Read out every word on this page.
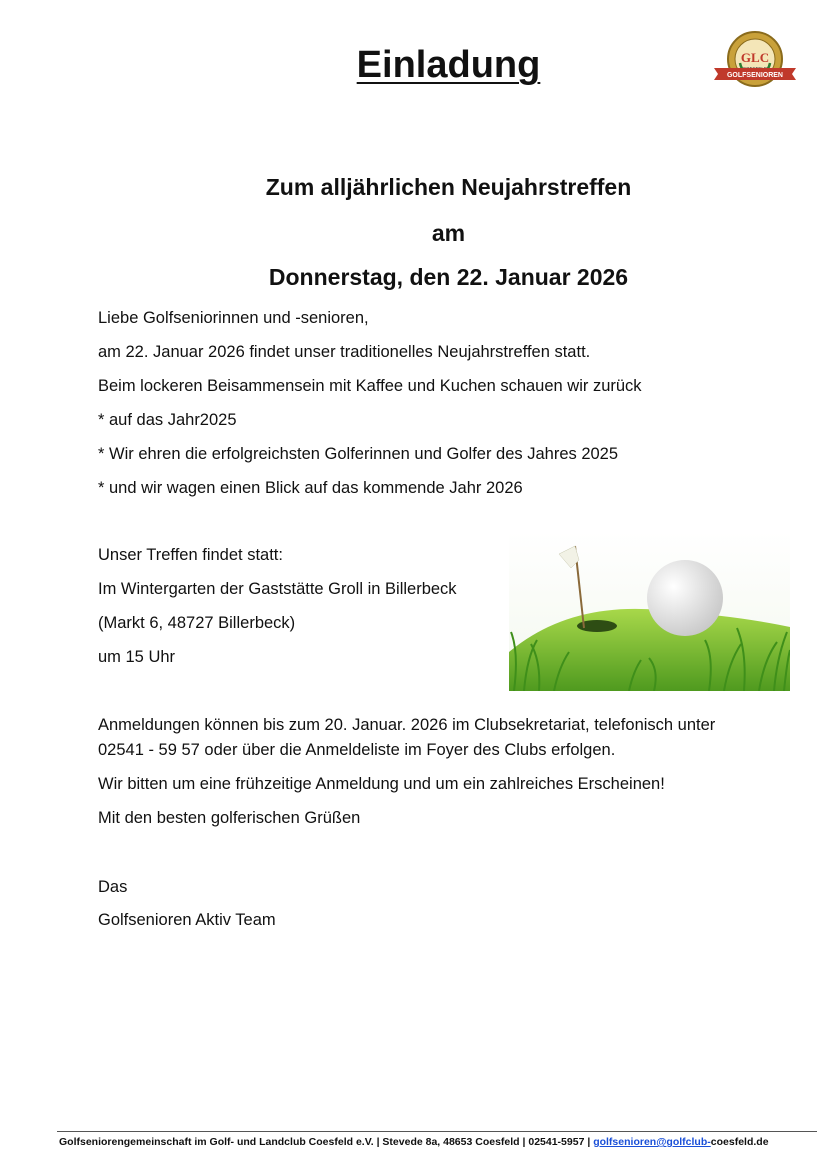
Einladung	GLC
GOLFSENIOREN
Zum alljährlichen Neujahrstreffen
am
Donnerstag, den 22. Januar 2026
Liebe Golfseniorinnen und -senioren,
am 22. Januar 2026 findet unser traditionelles Neujahrstreffen statt.
Beim lockeren Beisammensein mit Kaffee und Kuchen schauen wir zurück
* auf das Jahr2025
* Wir ehren die erfolgreichsten Golferinnen und Golfer des Jahres 2025
* und wir wagen einen Blick auf das kommende Jahr 2026
Unser Treffen findet statt:
Im Wintergarten der Gaststätte Groll in Billerbeck
(Markt 6, 48727 Billerbeck)
um 15 Uhr
Anmeldungen können bis zum 20. Januar. 2026 im Clubsekretariat, telefonisch unter
02541 - 59 57 oder über die Anmeldeliste im Foyer des Clubs erfolgen.
Wir bitten um eine frühzeitige Anmeldung und um ein zahlreiches Erscheinen!
Mit den besten golferischen Grüßen
Das
Golfsenioren Aktiv Team
Golfseniorengemeinschaft im Golf- und Landclub Coesfeld e.V. | Stevede 8a, 48653 Coesfeld | 02541-5957 | golfsenioren@golfclub-coesfeld.de
